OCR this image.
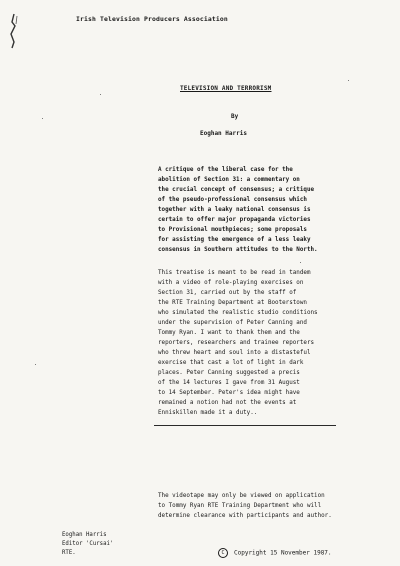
Irish Television Producers Association
TELEVISION AND TERRORISM
By
Eoghan Harris
A critique of the liberal case for the
abolition of Section 31: a commentary on
the crucial concept of consensus; a critique
of the pseudo-professional consensus which
together with a leaky national consensus is
certain to offer major propaganda victories
to Provisional mouthpieces; some proposals
for assisting the emergence of a less leaky
consensus in Southern attitudes to the North.
This treatise is meant to be read in tandem
with a video of role-playing exercises on
Section 31, carried out by the staff of
the RTE Training Department at Booterstown
who simulated the realistic studio conditions
under the supervision of Peter Canning and
Tommy Ryan. I want to thank them and the
reporters, researchers and trainee reporters
who threw heart and soul into a distasteful
exercise that cast a lot of light in dark
places. Peter Canning suggested a precis
of the 14 lectures I gave from 31 August
to 14 September. Peter's idea might have
remained a notion had not the events at
Enniskillen made it a duty..
The videotape may only be viewed on application
to Tommy Ryan RTE Training Department who will
determine clearance with participants and author.
Eoghan Harris
Editor 'Cursai'
RTE.	C Copyright 15 November 1987.
